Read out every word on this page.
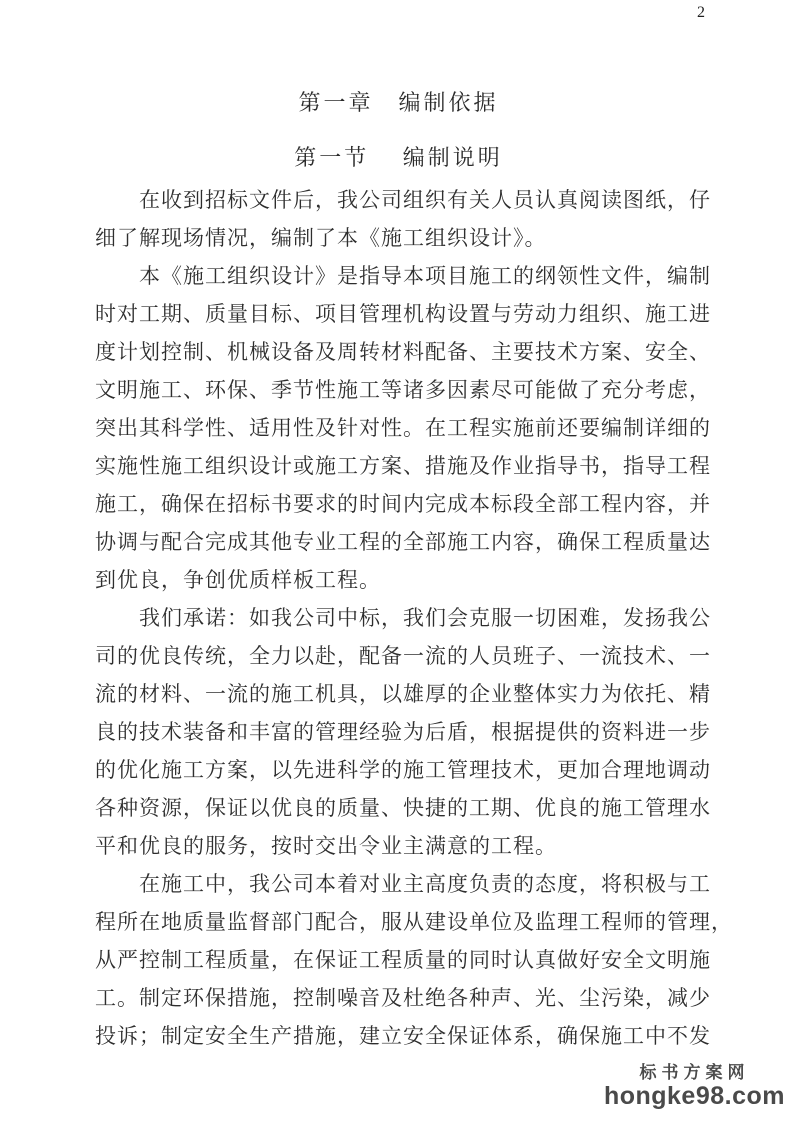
2
第一章　编制依据
第一节　 编制说明
在收到招标文件后，我公司组织有关人员认真阅读图纸，仔
细了解现场情况，编制了本《施工组织设计》。
本《施工组织设计》是指导本项目施工的纲领性文件，编制
时对工期、质量目标、项目管理机构设置与劳动力组织、施工进
度计划控制、机械设备及周转材料配备、主要技术方案、安全、
文明施工、环保、季节性施工等诸多因素尽可能做了充分考虑，
突出其科学性、适用性及针对性。在工程实施前还要编制详细的
实施性施工组织设计或施工方案、措施及作业指导书，指导工程
施工，确保在招标书要求的时间内完成本标段全部工程内容，并
协调与配合完成其他专业工程的全部施工内容，确保工程质量达
到优良，争创优质样板工程。
我们承诺：如我公司中标，我们会克服一切困难，发扬我公
司的优良传统，全力以赴，配备一流的人员班子、一流技术、一
流的材料、一流的施工机具，以雄厚的企业整体实力为依托、精
良的技术装备和丰富的管理经验为后盾，根据提供的资料进一步
的优化施工方案，以先进科学的施工管理技术，更加合理地调动
各种资源，保证以优良的质量、快捷的工期、优良的施工管理水
平和优良的服务，按时交出令业主满意的工程。
在施工中，我公司本着对业主高度负责的态度，将积极与工
程所在地质量监督部门配合，服从建设单位及监理工程师的管理，
从严控制工程质量，在保证工程质量的同时认真做好安全文明施
工。制定环保措施，控制噪音及杜绝各种声、光、尘污染，减少
投诉；制定安全生产措施，建立安全保证体系，确保施工中不发
标书方案网
hongke98.com
